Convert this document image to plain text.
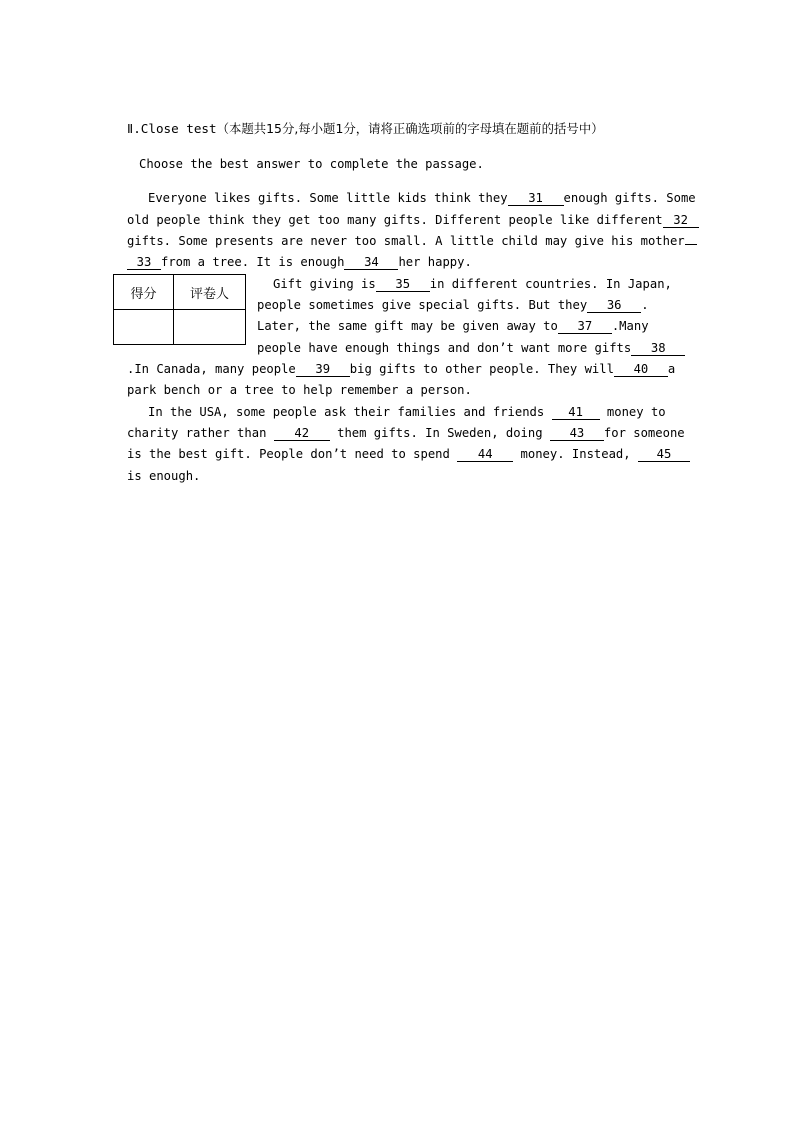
Ⅱ.Close test（本题共15分,每小题1分，请将正确选项前的字母填在题前的括号中）
Choose the best answer to complete the passage.
Everyone likes gifts. Some little kids think they 31 enough gifts. Some
old people think they get too many gifts. Different people like different 32
gifts. Some presents are never too small. A little child may give his mother
33 from a tree. It is enough 34 her happy.
得分	评卷人

Gift giving is 35 in different countries. In Japan,
people sometimes give special gifts. But they 36 .
Later, the same gift may be given away to 37 .Many
people have enough things and don’t want more gifts 38
.In Canada, many people 39 big gifts to other people. They will 40 a
park bench or a tree to help remember a person.
In the USA, some people ask their families and friends 41 money to
charity rather than 42 them gifts. In Sweden, doing 43 for someone
is the best gift. People don’t need to spend 44 money. Instead, 45
is enough.
